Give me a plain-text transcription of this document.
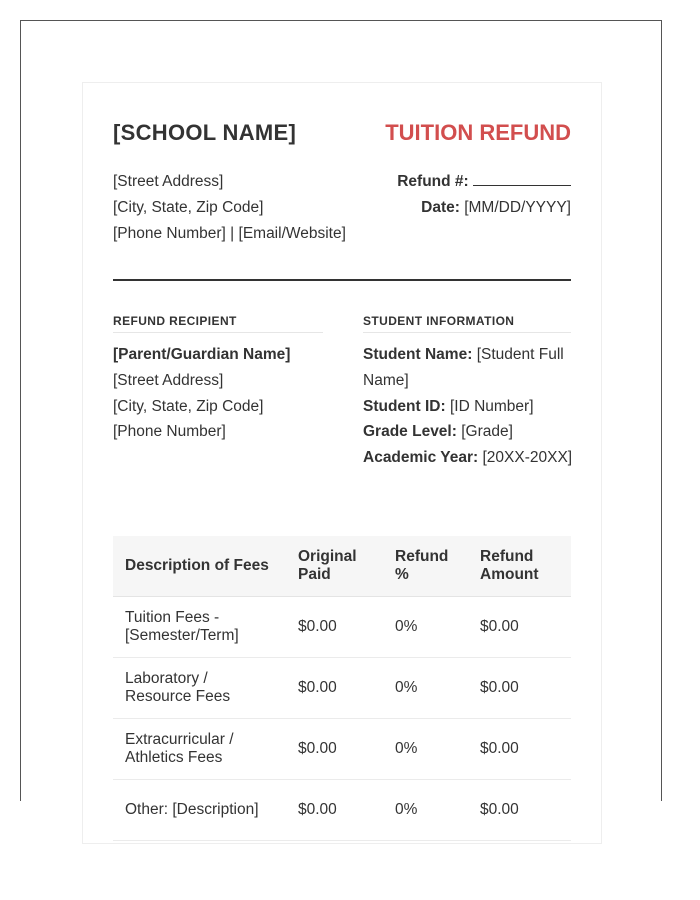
[SCHOOL NAME]	TUITION REFUND
[Street Address]
[City, State, Zip Code]
[Phone Number] | [Email/Website]
Refund #:
Date: [MM/DD/YYYY]
REFUND RECIPIENT	STUDENT INFORMATION
[Parent/Guardian Name]
[Street Address]
[City, State, Zip Code]
[Phone Number]
Student Name: [Student Full Name]
Student ID: [ID Number]
Grade Level: [Grade]
Academic Year: [20XX-20XX]
Description of Fees	Original Paid	Refund %	Refund Amount
Tuition Fees - [Semester/Term]	$0.00	0%	$0.00
Laboratory / Resource Fees	$0.00	0%	$0.00
Extracurricular / Athletics Fees	$0.00	0%	$0.00
Other: [Description]	$0.00	0%	$0.00
